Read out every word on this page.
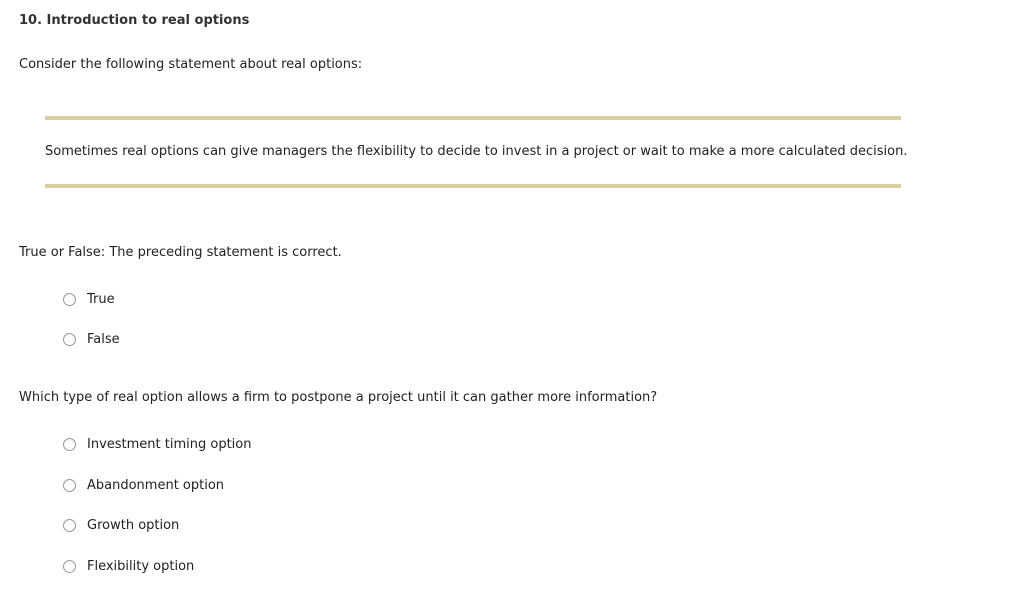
10. Introduction to real options
Consider the following statement about real options:
Sometimes real options can give managers the flexibility to decide to invest in a project or wait to make a more calculated decision.
True or False: The preceding statement is correct.
True
False
Which type of real option allows a firm to postpone a project until it can gather more information?
Investment timing option
Abandonment option
Growth option
Flexibility option
